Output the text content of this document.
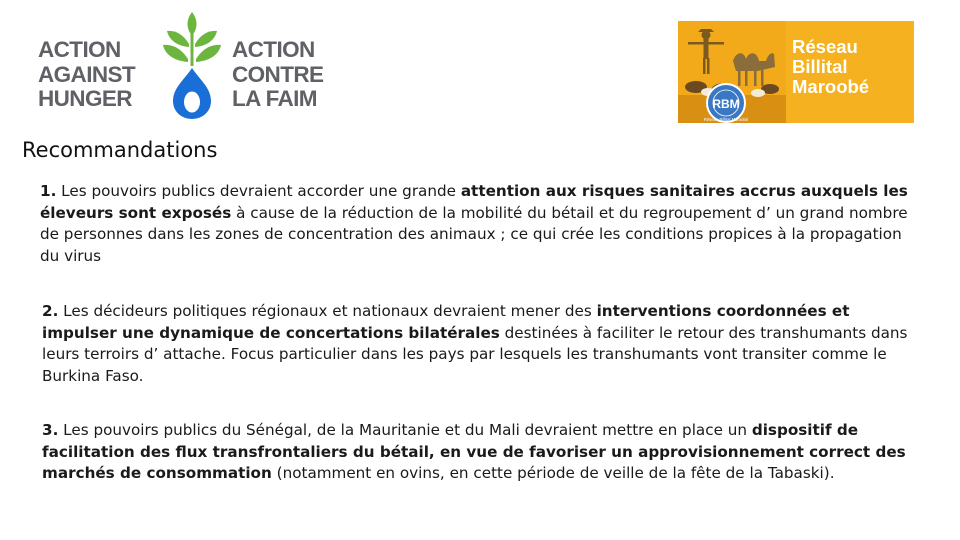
ACTION
AGAINST
HUNGER
ACTION
CONTRE
LA FAIM	RBM
Réseau Billital Maroobé
Réseau
Billital
Maroobé
Recommandations

1. Les pouvoirs publics devraient accorder une grande attention aux risques sanitaires accrus auxquels les éleveurs sont exposés à cause de la réduction de la mobilité du bétail et du regroupement d’ un grand nombre de personnes dans les zones de concentration des animaux ; ce qui crée les conditions propices à la propagation du virus

2. Les décideurs politiques régionaux et nationaux devraient mener des interventions coordonnées et impulser une dynamique de concertations bilatérales destinées à faciliter le retour des transhumants dans leurs terroirs d’ attache. Focus particulier dans les pays par lesquels les transhumants vont transiter comme le Burkina Faso.

3. Les pouvoirs publics du Sénégal, de la Mauritanie et du Mali devraient mettre en place un dispositif de facilitation des flux transfrontaliers du bétail, en vue de favoriser un approvisionnement correct des marchés de consommation (notamment en ovins, en cette période de veille de la fête de la Tabaski).
